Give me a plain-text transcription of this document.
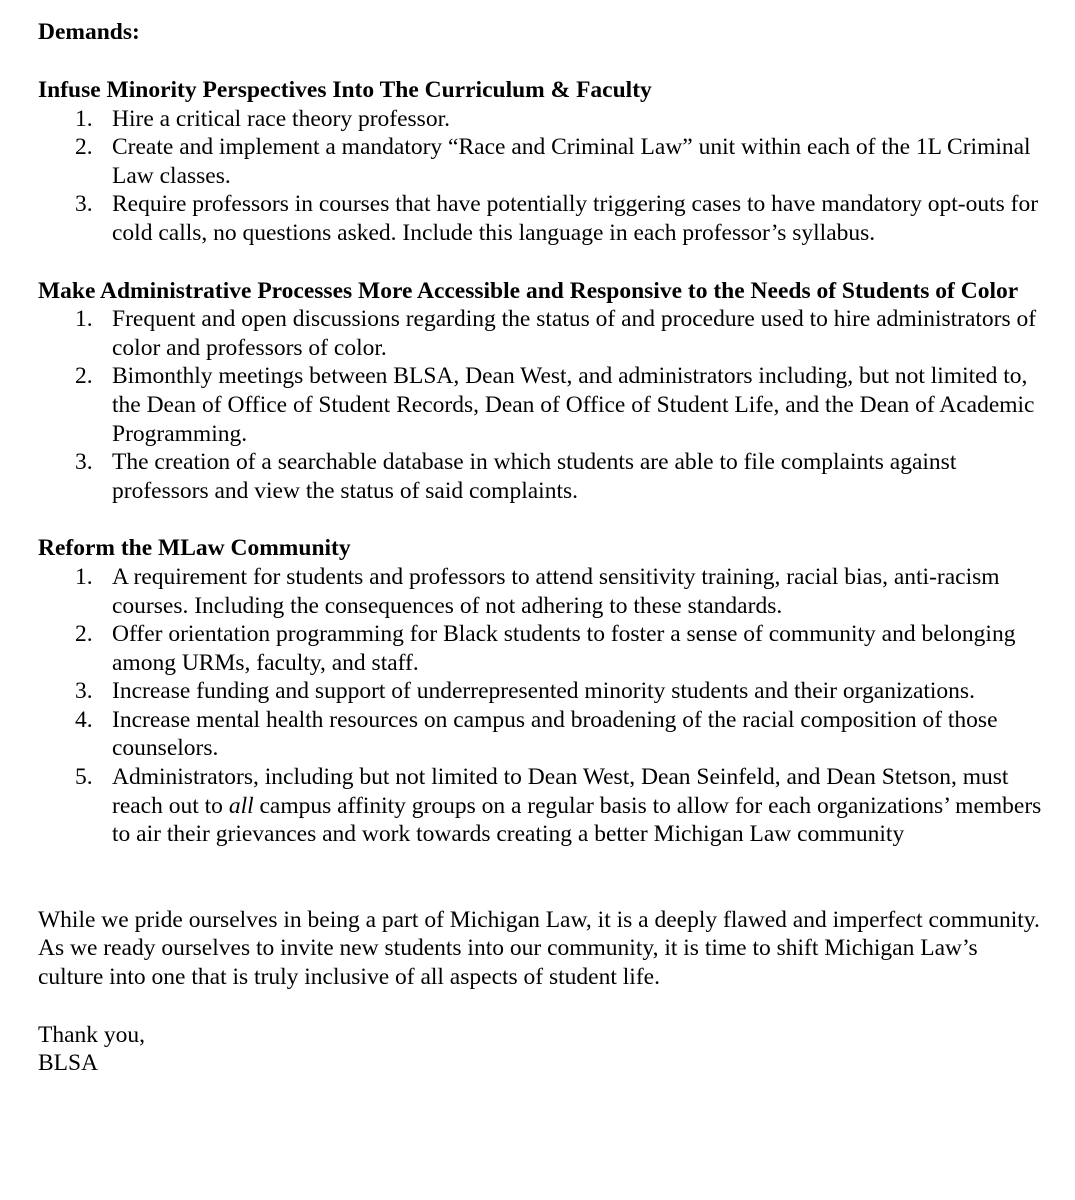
Demands:

Infuse Minority Perspectives Into The Curriculum & Faculty

1. Hire a critical race theory professor.
2. Create and implement a mandatory “Race and Criminal Law” unit within each of the 1L Criminal Law classes.
3. Require professors in courses that have potentially triggering cases to have mandatory opt-outs for cold calls, no questions asked. Include this language in each professor’s syllabus.

Make Administrative Processes More Accessible and Responsive to the Needs of Students of Color

1. Frequent and open discussions regarding the status of and procedure used to hire administrators of color and professors of color.
2. Bimonthly meetings between BLSA, Dean West, and administrators including, but not limited to, the Dean of Office of Student Records, Dean of Office of Student Life, and the Dean of Academic Programming.
3. The creation of a searchable database in which students are able to file complaints against professors and view the status of said complaints.

Reform the MLaw Community

1. A requirement for students and professors to attend sensitivity training, racial bias, anti-racism courses. Including the consequences of not adhering to these standards.
2. Offer orientation programming for Black students to foster a sense of community and belonging among URMs, faculty, and staff.
3. Increase funding and support of underrepresented minority students and their organizations.
4. Increase mental health resources on campus and broadening of the racial composition of those counselors.
5. Administrators, including but not limited to Dean West, Dean Seinfeld, and Dean Stetson, must reach out to all campus affinity groups on a regular basis to allow for each organizations’ members to air their grievances and work towards creating a better Michigan Law community

While we pride ourselves in being a part of Michigan Law, it is a deeply flawed and imperfect community. As we ready ourselves to invite new students into our community, it is time to shift Michigan Law’s culture into one that is truly inclusive of all aspects of student life.

Thank you,
BLSA
